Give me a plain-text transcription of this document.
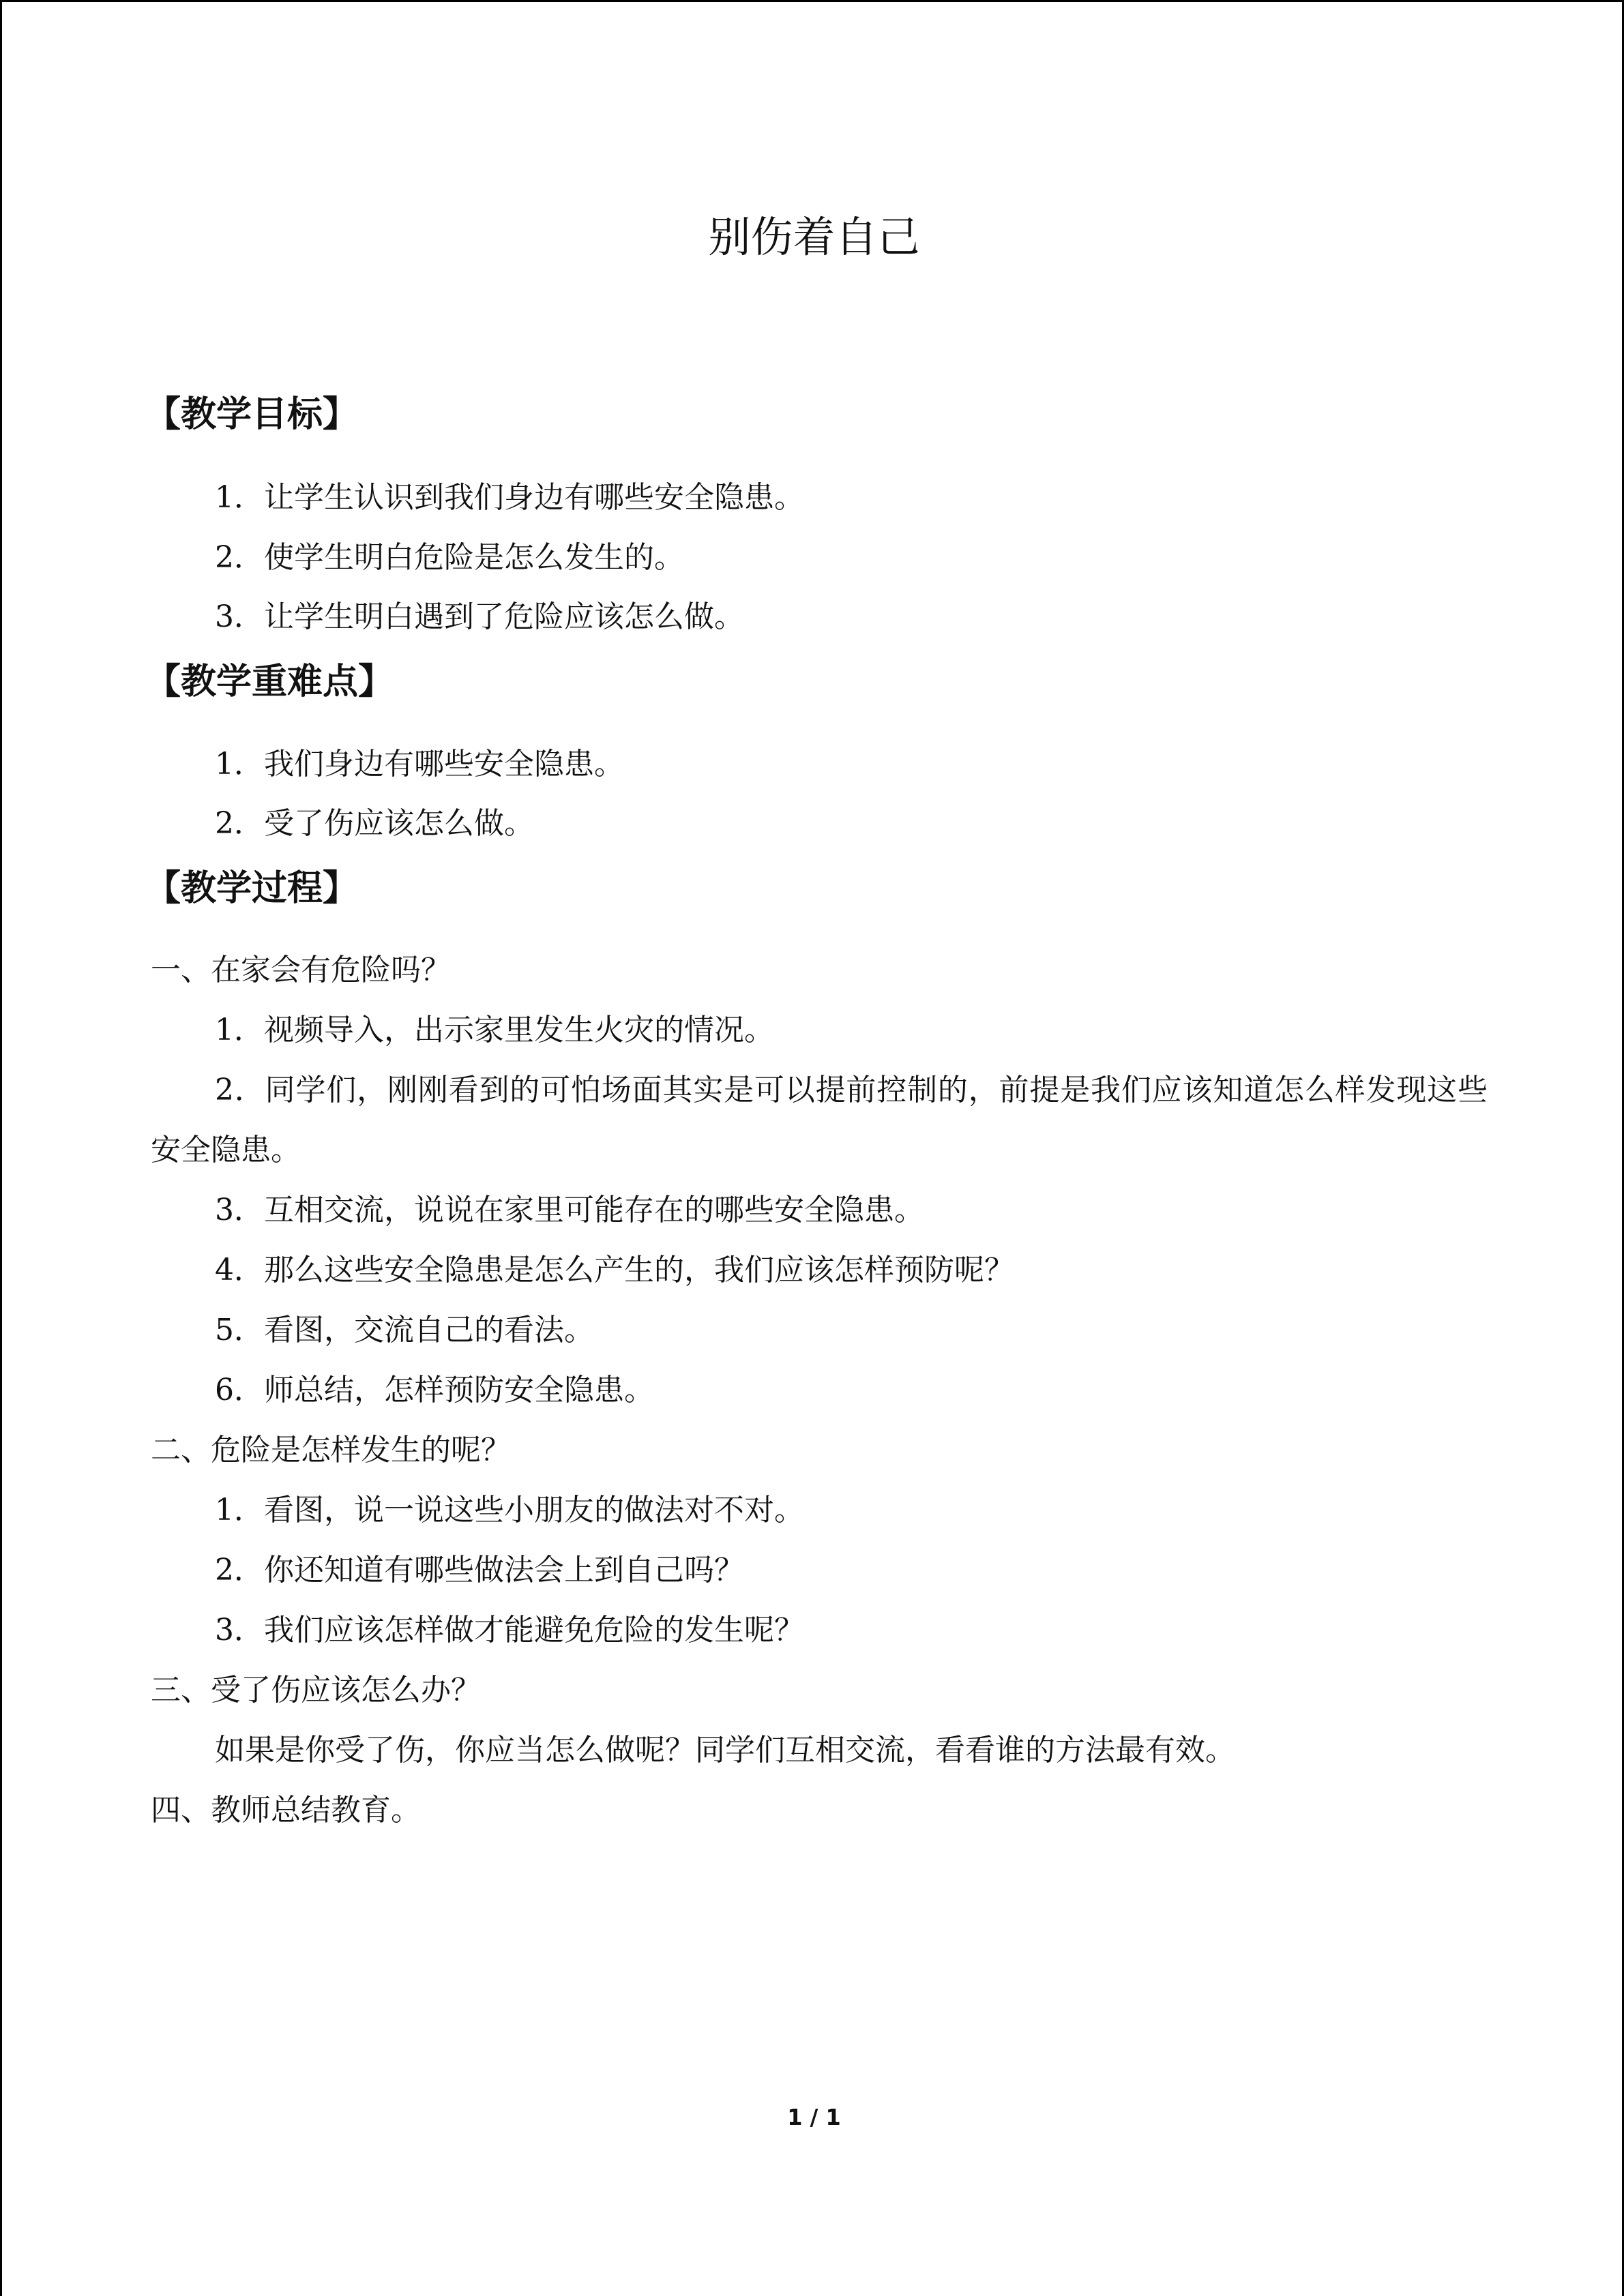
别伤着自己
【教学目标】
1．让学生认识到我们身边有哪些安全隐患。
2．使学生明白危险是怎么发生的。
3．让学生明白遇到了危险应该怎么做。
【教学重难点】
1．我们身边有哪些安全隐患。
2．受了伤应该怎么做。
【教学过程】
一、在家会有危险吗？
1．视频导入，出示家里发生火灾的情况。
2．同学们，刚刚看到的可怕场面其实是可以提前控制的，前提是我们应该知道怎么样发现这些安全隐患。
3．互相交流，说说在家里可能存在的哪些安全隐患。
4．那么这些安全隐患是怎么产生的，我们应该怎样预防呢？
5．看图，交流自己的看法。
6．师总结，怎样预防安全隐患。
二、危险是怎样发生的呢？
1．看图，说一说这些小朋友的做法对不对。
2．你还知道有哪些做法会上到自己吗？
3．我们应该怎样做才能避免危险的发生呢？
三、受了伤应该怎么办？
如果是你受了伤，你应当怎么做呢？同学们互相交流，看看谁的方法最有效。
四、教师总结教育。
1 / 1
